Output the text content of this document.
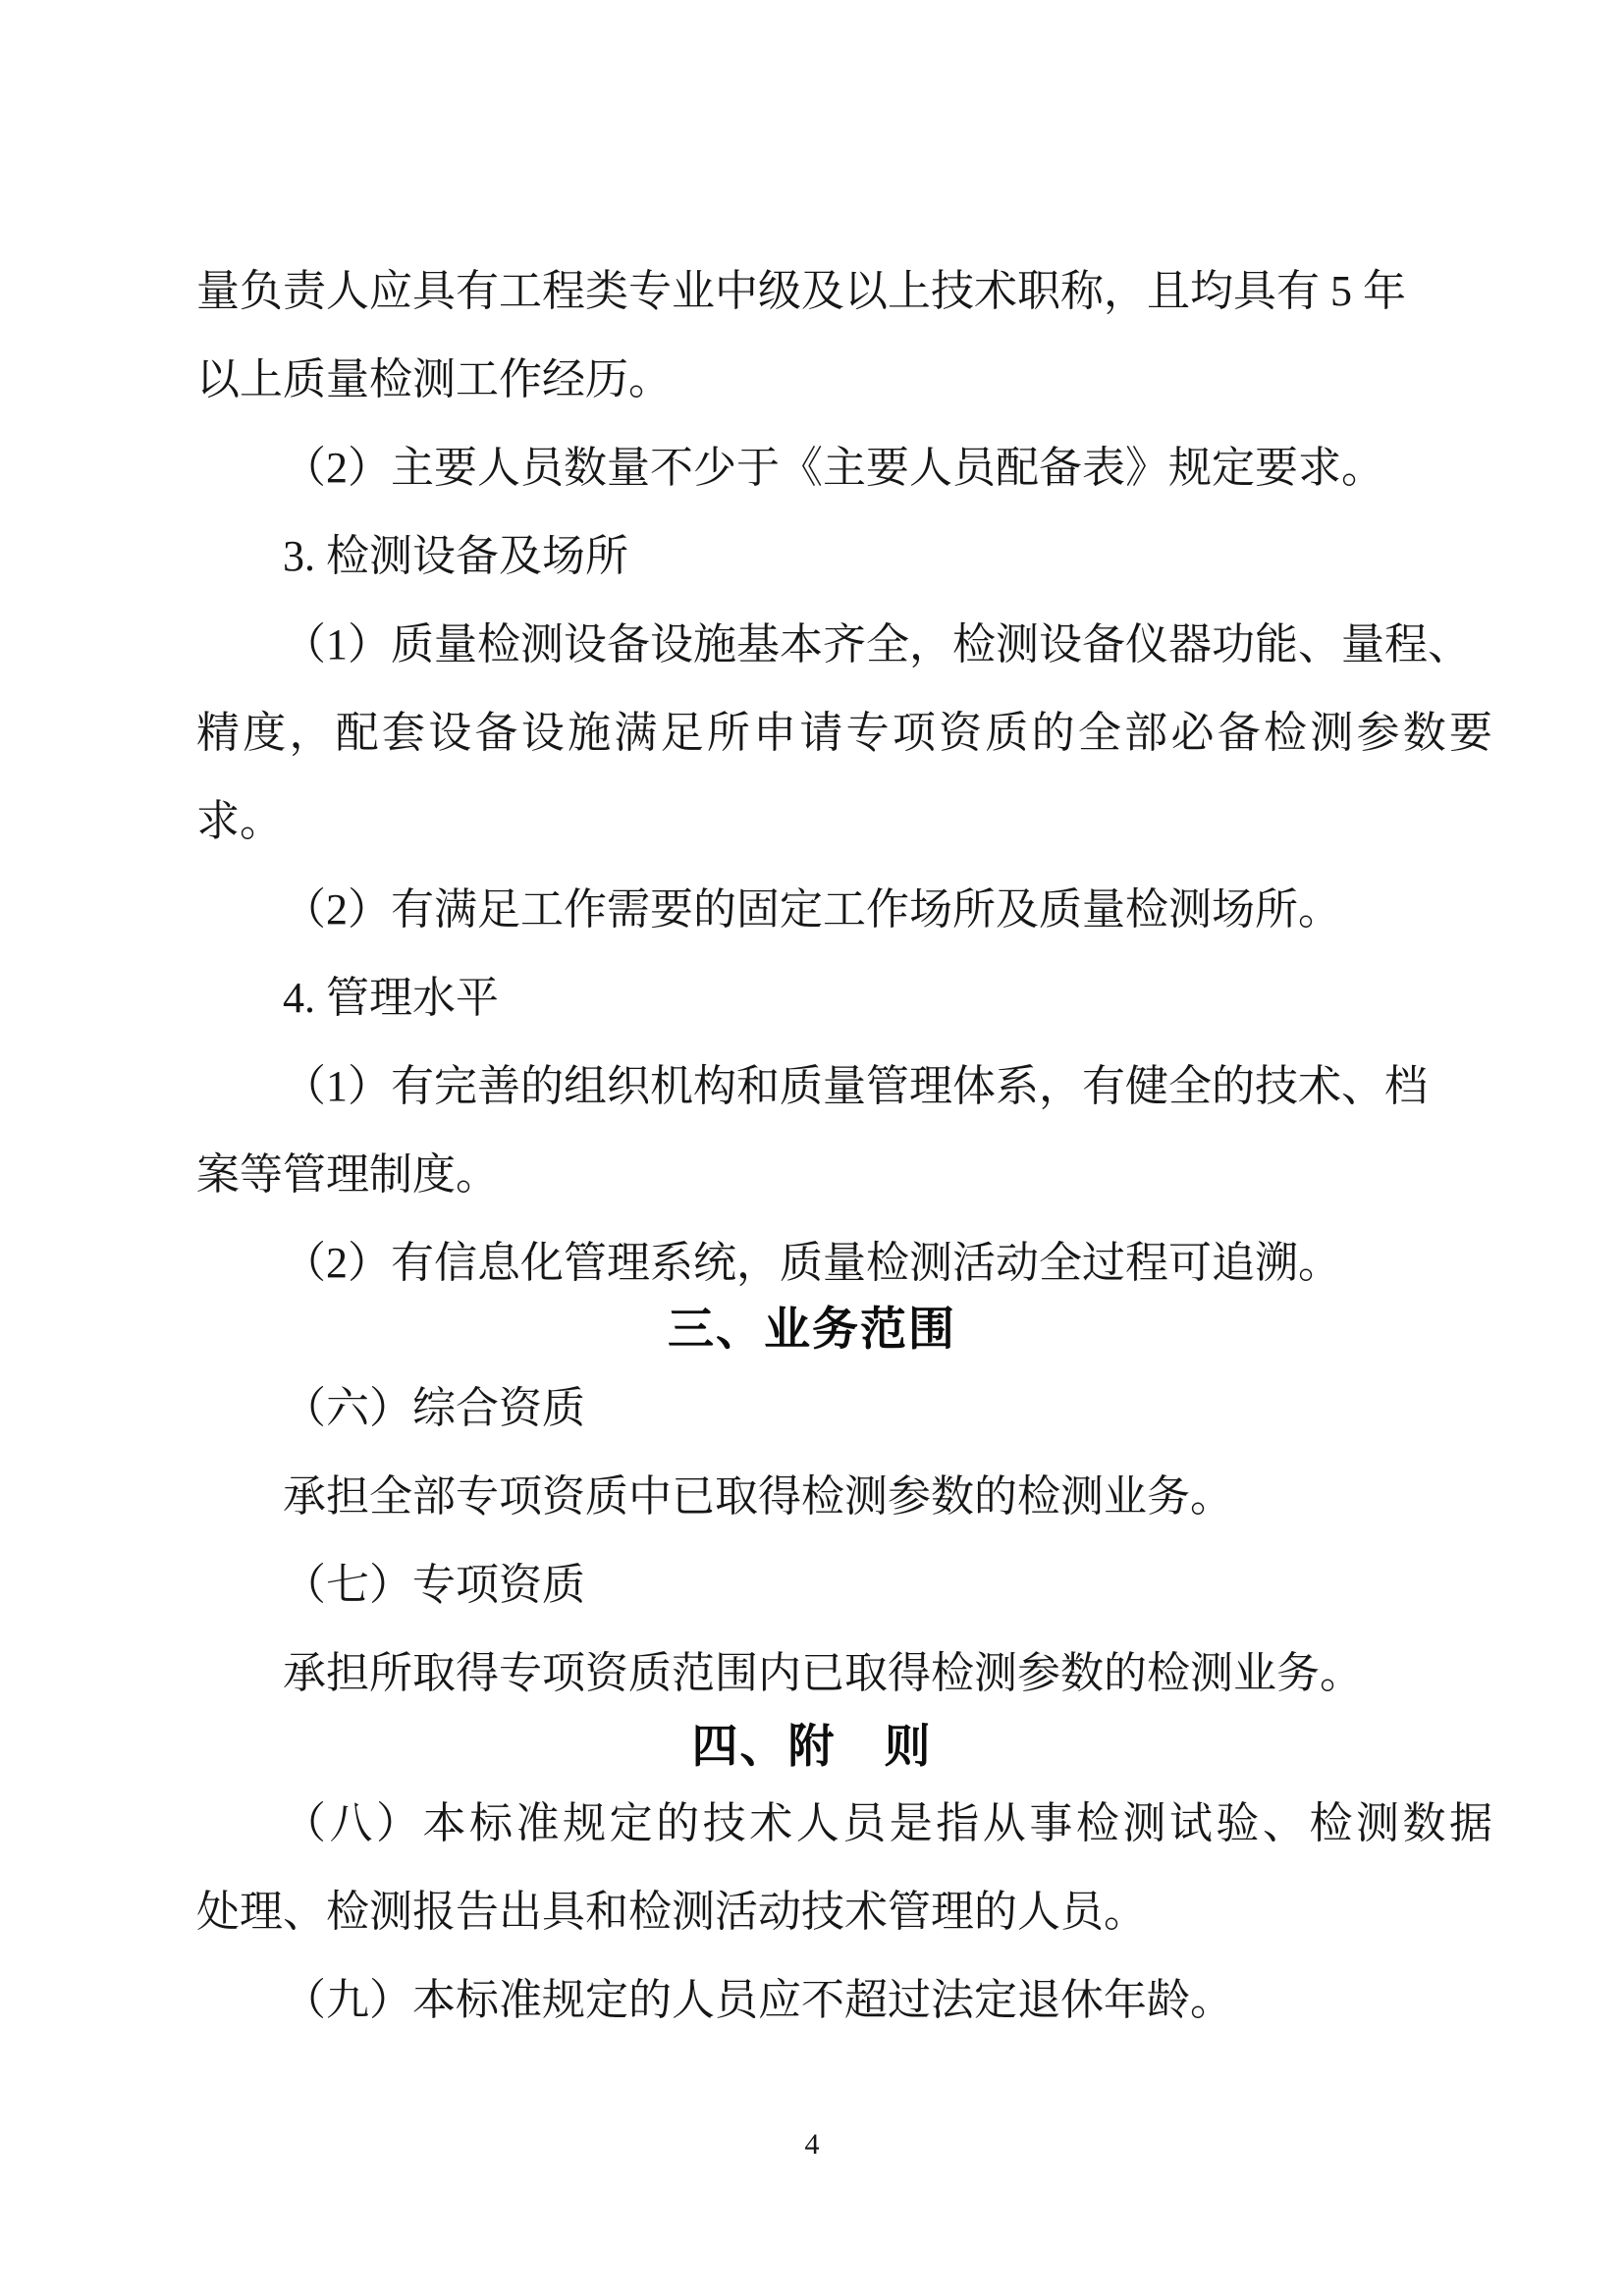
量负责人应具有工程类专业中级及以上技术职称，且均具有 5 年
以上质量检测工作经历。
（2）主要人员数量不少于《主要人员配备表》规定要求。
3. 检测设备及场所
（1）质量检测设备设施基本齐全，检测设备仪器功能、量程、
精度，配套设备设施满足所申请专项资质的全部必备检测参数要
求。
（2）有满足工作需要的固定工作场所及质量检测场所。
4. 管理水平
（1）有完善的组织机构和质量管理体系，有健全的技术、档
案等管理制度。
（2）有信息化管理系统，质量检测活动全过程可追溯。
三、业务范围
（六）综合资质
承担全部专项资质中已取得检测参数的检测业务。
（七）专项资质
承担所取得专项资质范围内已取得检测参数的检测业务。
四、附　则
（八）本标准规定的技术人员是指从事检测试验、检测数据
处理、检测报告出具和检测活动技术管理的人员。
（九）本标准规定的人员应不超过法定退休年龄。
4
